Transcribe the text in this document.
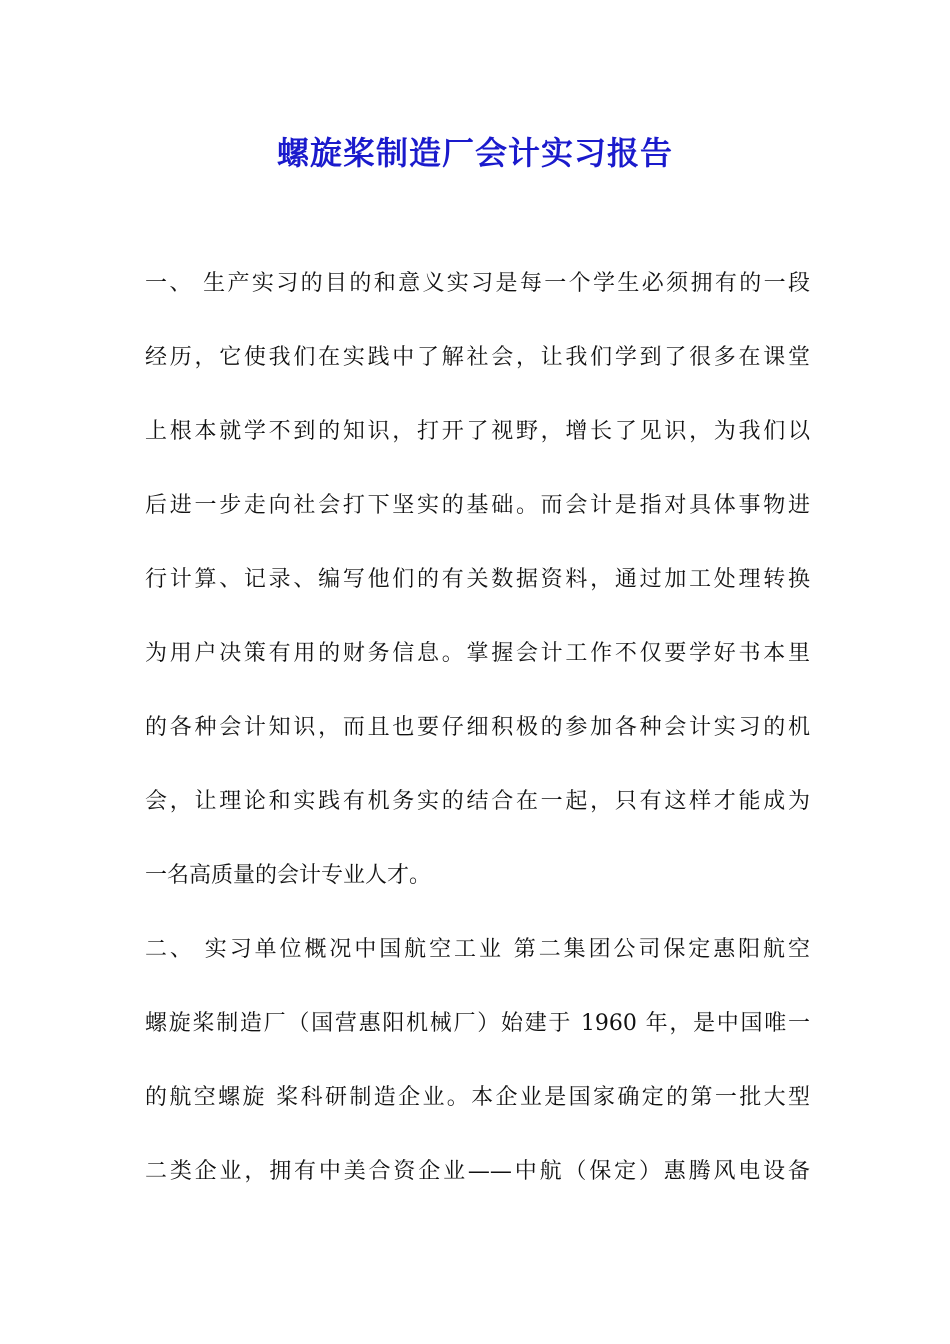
螺旋桨制造厂会计实习报告
一、 生产实习的目的和意义实习是每一个学生必须拥有的一段
经历，它使我们在实践中了解社会，让我们学到了很多在课堂
上根本就学不到的知识，打开了视野，增长了见识，为我们以
后进一步走向社会打下坚实的基础。而会计是指对具体事物进
行计算、记录、编写他们的有关数据资料，通过加工处理转换
为用户决策有用的财务信息。掌握会计工作不仅要学好书本里
的各种会计知识，而且也要仔细积极的参加各种会计实习的机
会，让理论和实践有机务实的结合在一起，只有这样才能成为
一名高质量的会计专业人才。
二、 实习单位概况中国航空工业 第二集团公司保定惠阳航空
螺旋桨制造厂（国营惠阳机械厂）始建于 1960 年，是中国唯一
的航空螺旋 桨科研制造企业。本企业是国家确定的第一批大型
二类企业，拥有中美合资企业——中航（保定）惠腾风电设备
